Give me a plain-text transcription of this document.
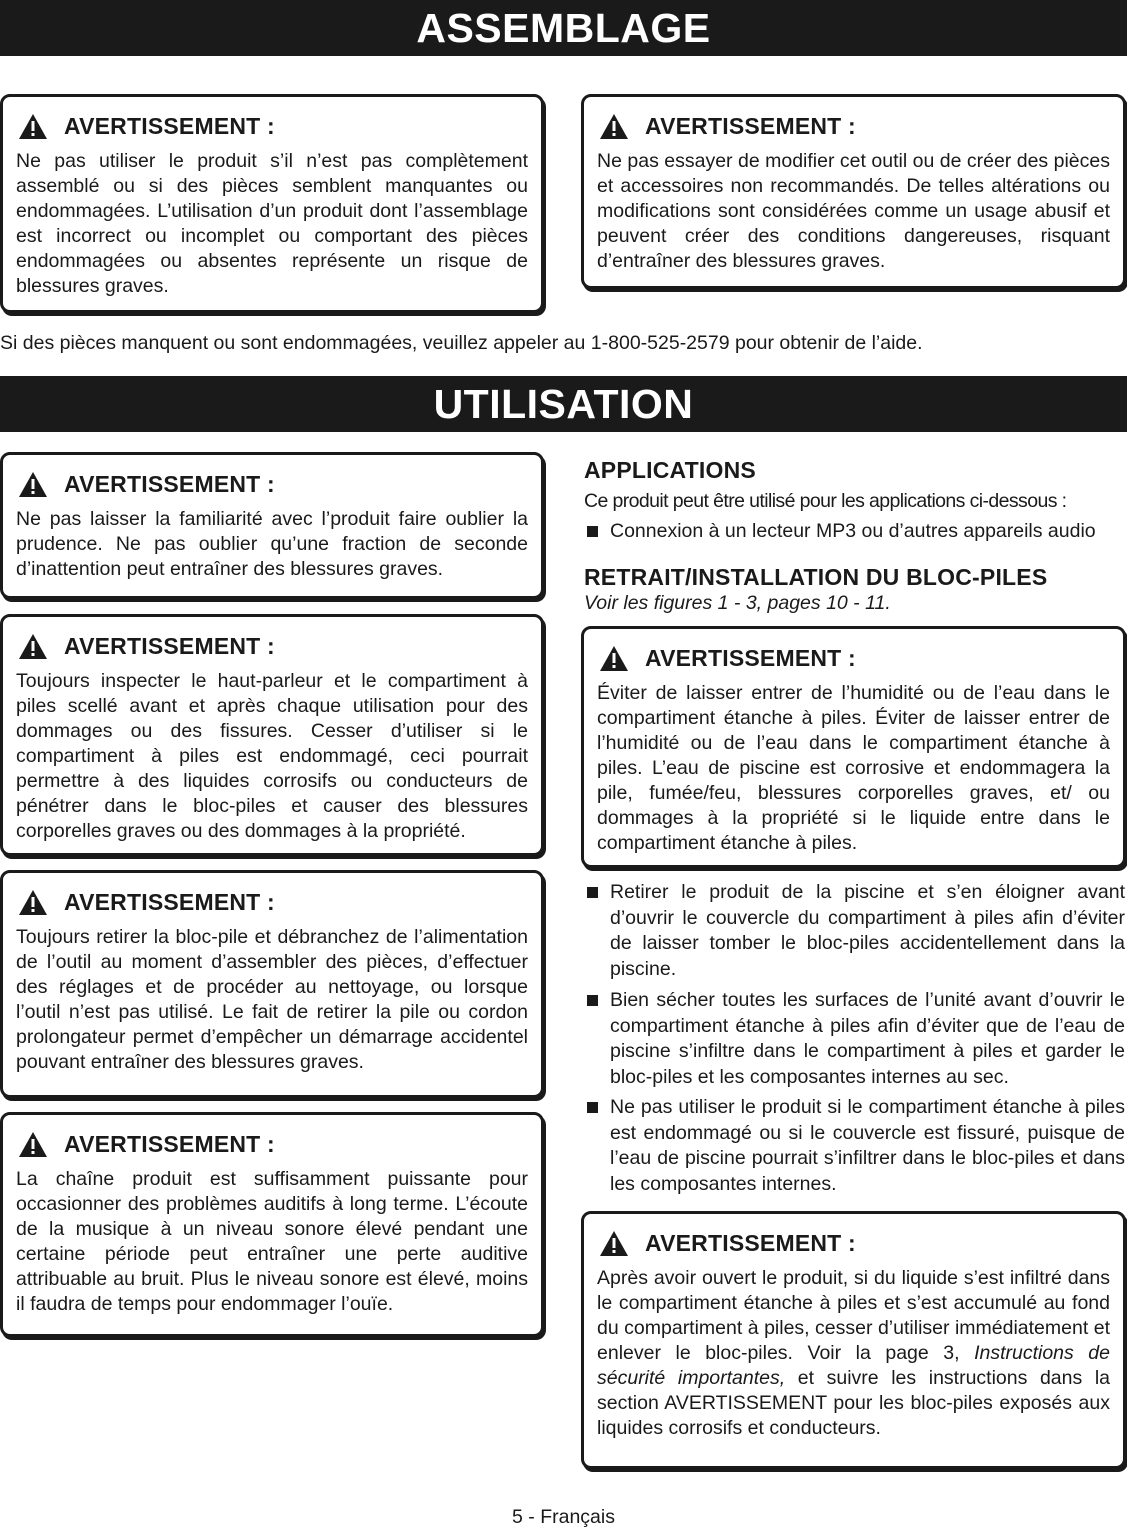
ASSEMBLAGE
AVERTISSEMENT :
Ne pas utiliser le produit s’il n’est pas complètement assemblé ou si des pièces semblent manquantes ou endommagées. L’utilisation d’un produit dont l’assemblage est incorrect ou incomplet ou comportant des pièces endommagées ou absentes représente un risque de blessures graves.
AVERTISSEMENT :
Ne pas essayer de modifier cet outil ou de créer des pièces et accessoires non recommandés. De telles altérations ou modifications sont considérées comme un usage abusif et peuvent créer des conditions dangereuses, risquant d’entraîner des blessures graves.
Si des pièces manquent ou sont endommagées, veuillez appeler au 1-800-525-2579 pour obtenir de l’aide.
UTILISATION
AVERTISSEMENT :
Ne pas laisser la familiarité avec l’produit faire oublier la prudence. Ne pas oublier qu’une fraction de seconde d’inattention peut entraîner des blessures graves.
AVERTISSEMENT :
Toujours inspecter le haut-parleur et le compartiment à piles scellé avant et après chaque utilisation pour des dommages ou des fissures. Cesser d’utiliser si le compartiment à piles est endommagé, ceci pourrait permettre à des liquides corrosifs ou conducteurs de pénétrer dans le bloc-piles et causer des blessures corporelles graves ou des dommages à la propriété.
AVERTISSEMENT :
Toujours retirer la bloc-pile et débranchez de l’alimentation de l’outil au moment d’assembler des pièces, d’effectuer des réglages et de procéder au nettoyage, ou lorsque l’outil n’est pas utilisé. Le fait de retirer la pile ou cordon prolongateur permet d’empêcher un démarrage accidentel pouvant entraîner des blessures graves.
AVERTISSEMENT :
La chaîne produit est suffisamment puissante pour occasionner des problèmes auditifs à long terme. L’écoute de la musique à un niveau sonore élevé pendant une certaine période peut entraîner une perte auditive attribuable au bruit. Plus le niveau sonore est élevé, moins il faudra de temps pour endommager l’ouïe.
APPLICATIONS
Ce produit peut être utilisé pour les applications ci-dessous :
Connexion à un lecteur MP3 ou d’autres appareils audio
RETRAIT/INSTALLATION DU BLOC-PILES
Voir les figures 1 - 3, pages 10 - 11.
AVERTISSEMENT :
Éviter de laisser entrer de l’humidité ou de l’eau dans le compartiment étanche à piles. Éviter de laisser entrer de l’humidité ou de l’eau dans le compartiment étanche à piles. L’eau de piscine est corrosive et endommagera la pile, fumée/feu, blessures corporelles graves, et/ ou dommages à la propriété si le liquide entre dans le compartiment étanche à piles.
Retirer le produit de la piscine et s’en éloigner avant d’ouvrir le couvercle du compartiment à piles afin d’éviter de laisser tomber le bloc-piles accidentellement dans la piscine.
Bien sécher toutes les surfaces de l’unité avant d’ouvrir le compartiment étanche à piles afin d’éviter que de l’eau de piscine s’infiltre dans le compartiment à piles et garder le bloc-piles et les composantes internes au sec.
Ne pas utiliser le produit si le compartiment étanche à piles est endommagé ou si le couvercle est fissuré, puisque de l’eau de piscine pourrait s’infiltrer dans le bloc-piles et dans les composantes internes.
AVERTISSEMENT :
Après avoir ouvert le produit, si du liquide s’est infiltré dans le compartiment étanche à piles et s’est accumulé au fond du compartiment à piles, cesser d’utiliser immédiatement et enlever le bloc-piles. Voir la page 3, Instructions de sécurité importantes, et suivre les instructions dans la section AVERTISSEMENT pour les bloc-piles exposés aux liquides corrosifs et conducteurs.
5 - Français
